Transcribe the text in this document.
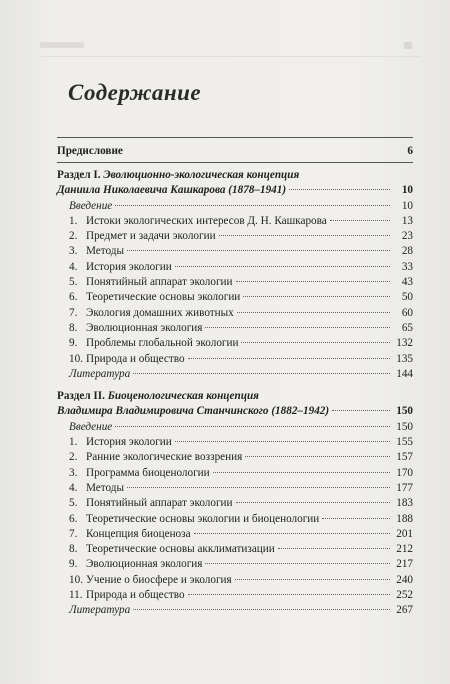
Содержание
Предисловие	6
Раздел I.
Эволюционно-экологическая концепция
Даниила Николаевича Кашкарова (1878–1941)	10
Введение	10
1. Истоки экологических интересов Д. Н. Кашкарова	13
2. Предмет и задачи экологии	23
3. Методы	28
4. История экологии	33
5. Понятийный аппарат экологии	43
6. Теоретические основы экологии	50
7. Экология домашних животных	60
8. Эволюционная экология	65
9. Проблемы глобальной экологии	132
10. Природа и общество	135
Литература	144
Раздел II.
Биоценологическая концепция
Владимира Владимировича Станчинского (1882–1942)	150
Введение	150
1. История экологии	155
2. Ранние экологические воззрения	157
3. Программа биоценологии	170
4. Методы	177
5. Понятийный аппарат экологии	183
6. Теоретические основы экологии и биоценологии	188
7. Концепция биоценоза	201
8. Теоретические основы акклиматизации	212
9. Эволюционная экология	217
10. Учение о биосфере и экология	240
11. Природа и общество	252
Литература	267
